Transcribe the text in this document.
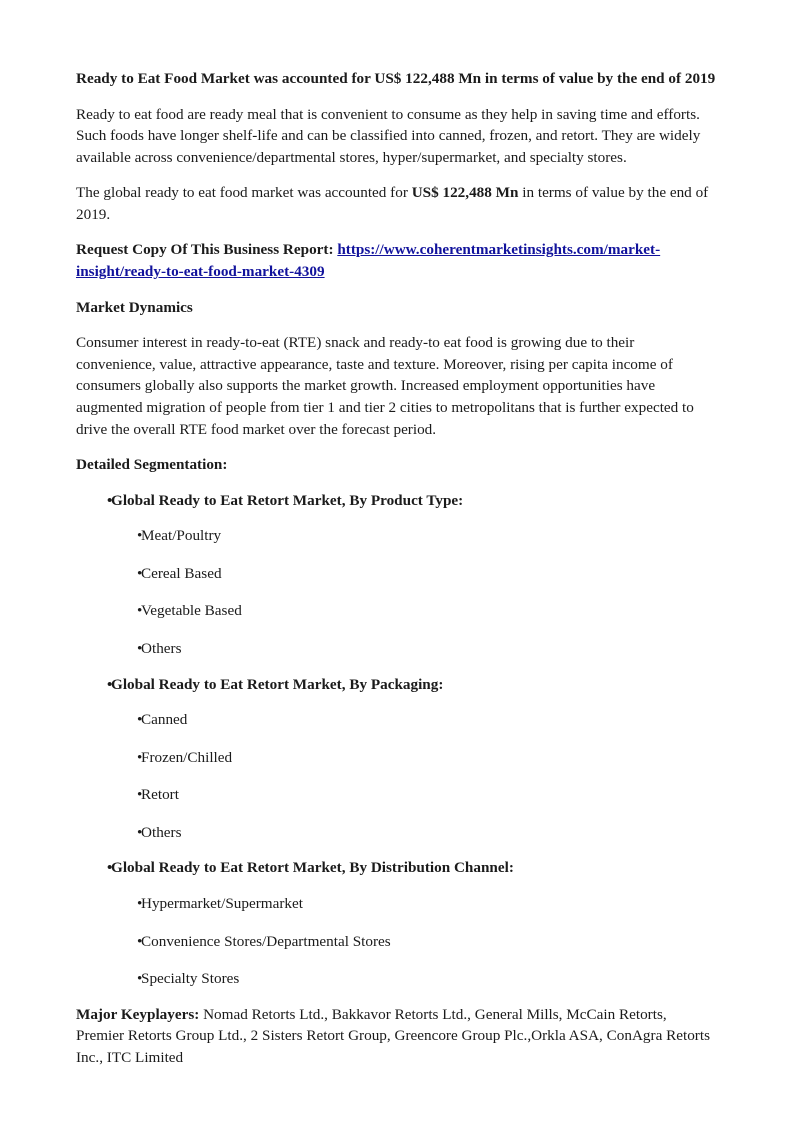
Ready to Eat Food Market was accounted for US$ 122,488 Mn in terms of value by the end of 2019

Ready to eat food are ready meal that is convenient to consume as they help in saving time and efforts. Such foods have longer shelf-life and can be classified into canned, frozen, and retort. They are widely available across convenience/departmental stores, hyper/supermarket, and specialty stores.

The global ready to eat food market was accounted for US$ 122,488 Mn in terms of value by the end of 2019.

Request Copy Of This Business Report: https://www.coherentmarketinsights.com/market-insight/ready-to-eat-food-market-4309

Market Dynamics

Consumer interest in ready-to-eat (RTE) snack and ready-to eat food is growing due to their convenience, value, attractive appearance, taste and texture. Moreover, rising per capita income of consumers globally also supports the market growth. Increased employment opportunities have augmented migration of people from tier 1 and tier 2 cities to metropolitans that is further expected to drive the overall RTE food market over the forecast period.

Detailed Segmentation:
•
Global Ready to Eat Retort Market, By Product Type:
•
Meat/Poultry
•
Cereal Based
•
Vegetable Based
•
Others
•
Global Ready to Eat Retort Market, By Packaging:
•
Canned
•
Frozen/Chilled
•
Retort
•
Others
•
Global Ready to Eat Retort Market, By Distribution Channel:
•
Hypermarket/Supermarket
•
Convenience Stores/Departmental Stores
•
Specialty Stores

Major Keyplayers: Nomad Retorts Ltd., Bakkavor Retorts Ltd., General Mills, McCain Retorts, Premier Retorts Group Ltd., 2 Sisters Retort Group, Greencore Group Plc.,Orkla ASA, ConAgra Retorts Inc., ITC Limited
